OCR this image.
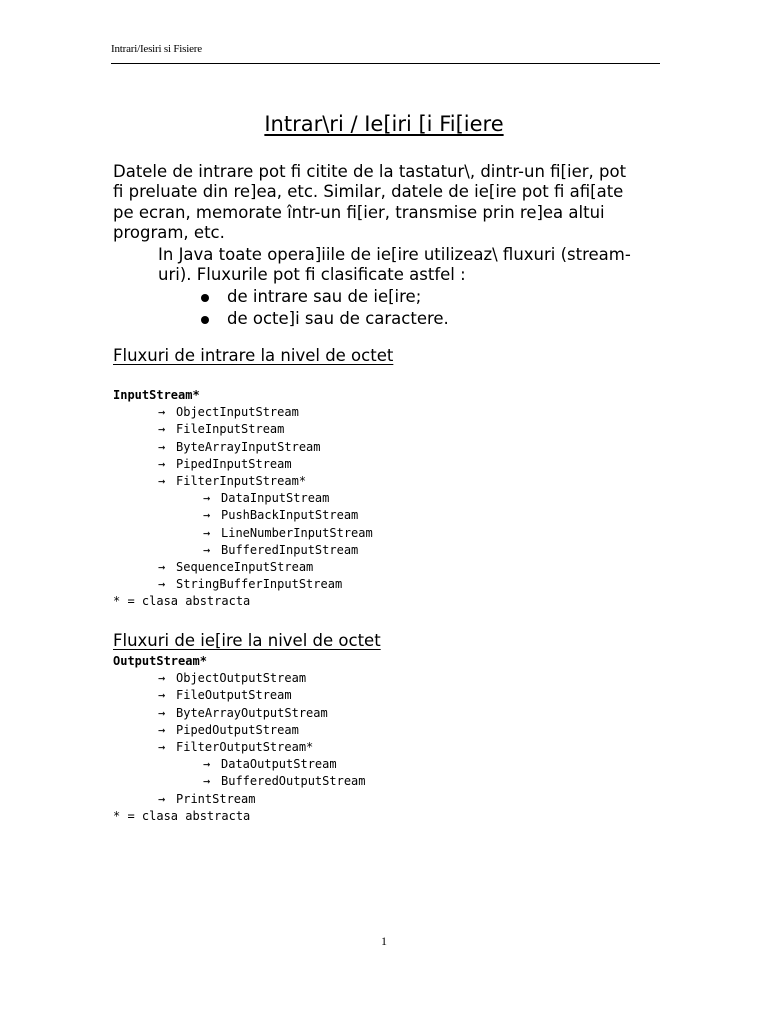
Intrari/Iesiri si Fisiere
Intrar\ri / Ie[iri [i Fi[iere
Datele de intrare pot fi citite de la tastatur\, dintr-un fi[ier, pot
fi preluate din re]ea, etc. Similar, datele de ie[ire pot fi afi[ate
pe ecran, memorate într-un fi[ier, transmise prin re]ea altui
program, etc.
In Java toate opera]iile de ie[ire utilizeaz\ fluxuri (stream-
uri). Fluxurile pot fi clasificate astfel :
de intrare sau de ie[ire;
de octe]i sau de caractere.
Fluxuri de intrare la nivel de octet
InputStream*
→ ObjectInputStream
→ FileInputStream
→ ByteArrayInputStream
→ PipedInputStream
→ FilterInputStream*
→ DataInputStream
→ PushBackInputStream
→ LineNumberInputStream
→ BufferedInputStream
→ SequenceInputStream
→ StringBufferInputStream
* = clasa abstracta
Fluxuri de ie[ire la nivel de octet
OutputStream*
→ ObjectOutputStream
→ FileOutputStream
→ ByteArrayOutputStream
→ PipedOutputStream
→ FilterOutputStream*
→ DataOutputStream
→ BufferedOutputStream
→ PrintStream
* = clasa abstracta
1
